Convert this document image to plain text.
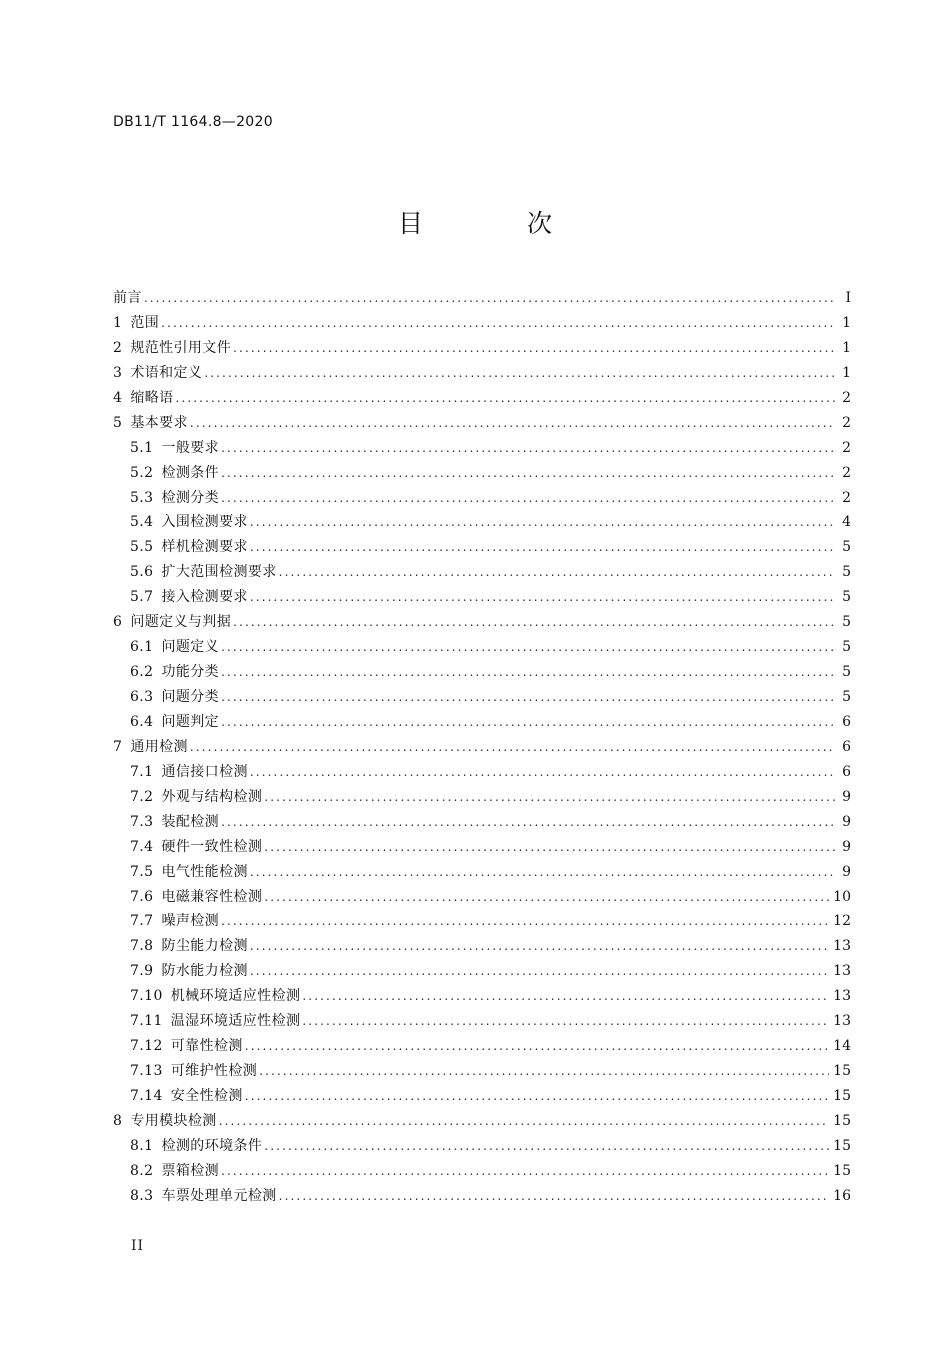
DB11/T 1164.8—2020
目 次
前言 .....	I
1 范围 .....	1
2 规范性引用文件 .....	1
3 术语和定义 .....	1
4 缩略语 .....	2
5 基本要求 .....	2
5.1 一般要求 .....	2
5.2 检测条件 .....	2
5.3 检测分类 .....	2
5.4 入围检测要求 .....	4
5.5 样机检测要求 .....	5
5.6 扩大范围检测要求 .....	5
5.7 接入检测要求 .....	5
6 问题定义与判据 .....	5
6.1 问题定义 .....	5
6.2 功能分类 .....	5
6.3 问题分类 .....	5
6.4 问题判定 .....	6
7 通用检测 .....	6
7.1 通信接口检测 .....	6
7.2 外观与结构检测 .....	9
7.3 装配检测 .....	9
7.4 硬件一致性检测 .....	9
7.5 电气性能检测 .....	9
7.6 电磁兼容性检测 .....	10
7.7 噪声检测 .....	12
7.8 防尘能力检测 .....	13
7.9 防水能力检测 .....	13
7.10 机械环境适应性检测 .....	13
7.11 温湿环境适应性检测 .....	13
7.12 可靠性检测 .....	14
7.13 可维护性检测 .....	15
7.14 安全性检测 .....	15
8 专用模块检测 .....	15
8.1 检测的环境条件 .....	15
8.2 票箱检测 .....	15
8.3 车票处理单元检测 .....	16
II
